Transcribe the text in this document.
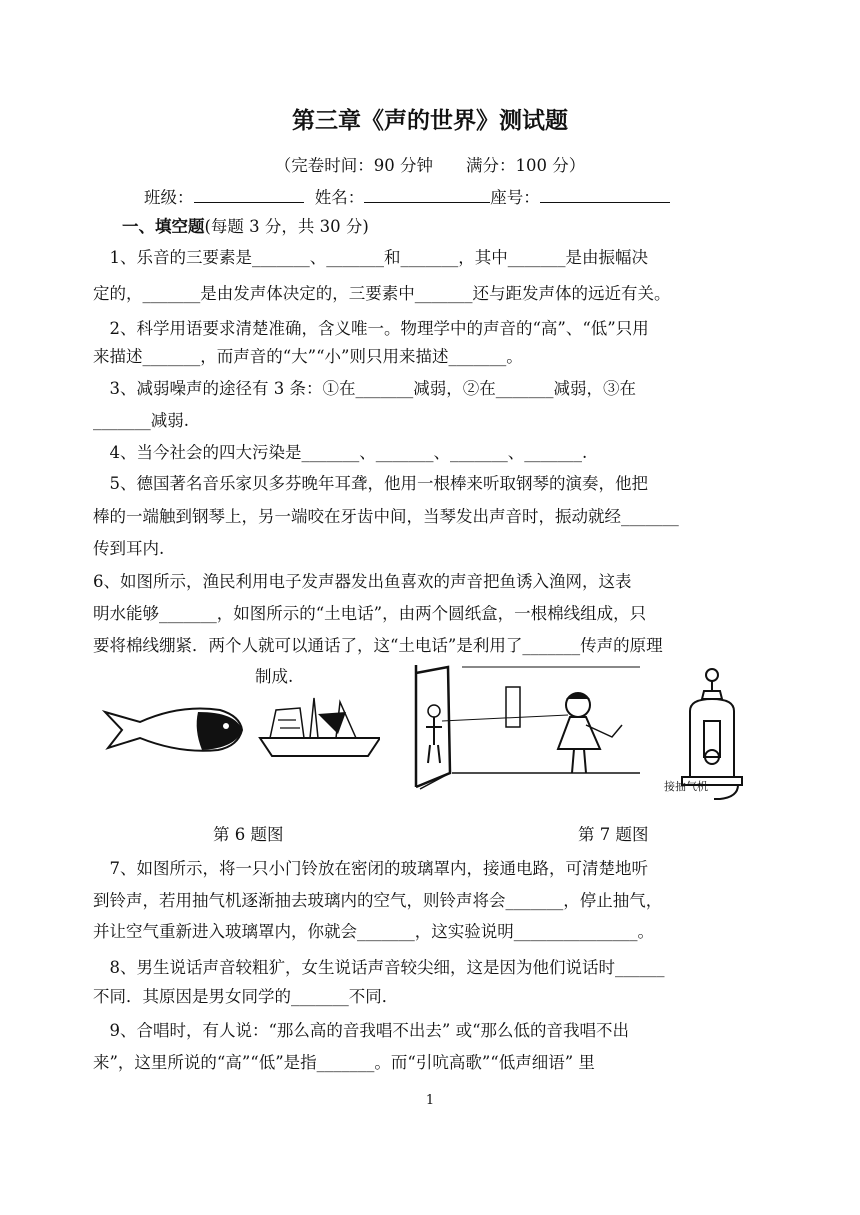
第三章《声的世界》测试题
（完卷时间：90 分钟　　满分：100 分）
班级：	姓名：	座号：
一、填空题(每题 3 分，共 30 分)
　1、乐音的三要素是_______、_______和_______，其中_______是由振幅决
定的，_______是由发声体决定的，三要素中_______还与距发声体的远近有关。
　2、科学用语要求清楚准确，含义唯一。物理学中的声音的“高”、“低”只用
来描述_______，而声音的“大”“小”则只用来描述_______。
　3、减弱噪声的途径有 3 条：①在_______减弱，②在_______减弱，③在
_______减弱.
　4、当今社会的四大污染是_______、_______、_______、_______.
　5、德国著名音乐家贝多芬晚年耳聋，他用一根棒来听取钢琴的演奏，他把
棒的一端触到钢琴上，另一端咬在牙齿中间，当琴发出声音时，振动就经_______
传到耳内.
6、如图所示，渔民利用电子发声器发出鱼喜欢的声音把鱼诱入渔网，这表
明水能够_______，如图所示的“土电话”，由两个圆纸盒，一根棉线组成，只
要将棉线绷紧．两个人就可以通话了，这“土电话”是利用了_______传声的原理
制成.
接抽气机
第 6 题图	第 7 题图
　7、如图所示，将一只小门铃放在密闭的玻璃罩内，接通电路，可清楚地听
到铃声，若用抽气机逐渐抽去玻璃内的空气，则铃声将会_______，停止抽气，
并让空气重新进入玻璃罩内，你就会_______，这实验说明_______________。
　8、男生说话声音较粗犷，女生说话声音较尖细，这是因为他们说话时______
不同．其原因是男女同学的_______不同．
　9、合唱时，有人说：“那么高的音我唱不出去” 或“那么低的音我唱不出
来”，这里所说的“高”“低”是指_______。而“引吭高歌”“低声细语” 里
1
